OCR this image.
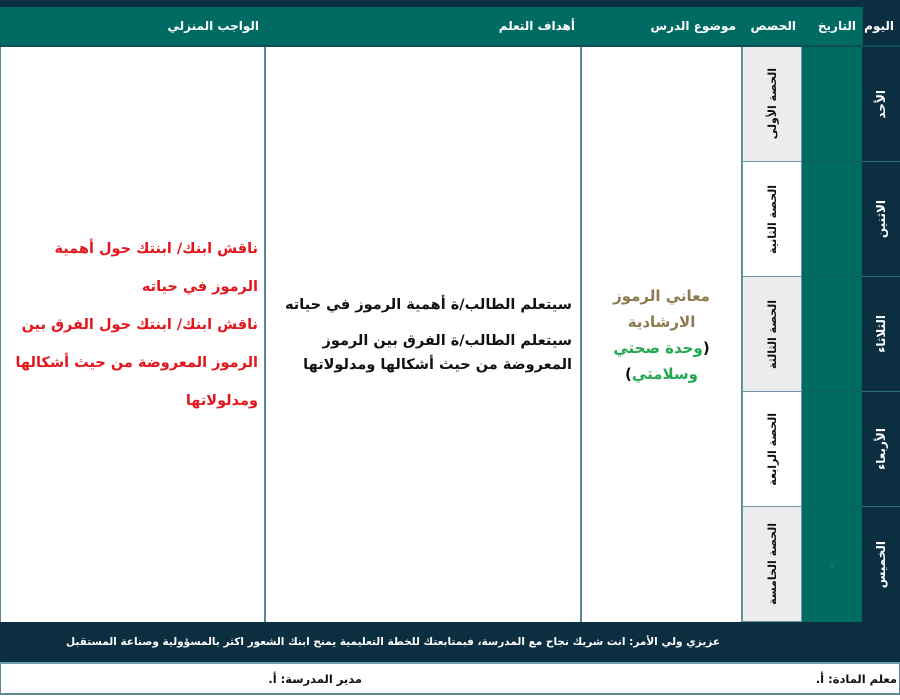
اليوم
التاريخ
الحصص
موضوع الدرس
أهداف التعلم
الواجب المنزلي
الأحد
الاثنين
الثلاثاء
الأربعاء
الخميس
.
الحصة الأولى
الحصة الثانية
الحصة الثالثة
الحصة الرابعة
الحصة الخامسة
معاني الرموز الارشادية
(وحدة صحتي
وسلامتي)

سيتعلم الطالب/ة أهمية الرموز في حياته

سيتعلم الطالب/ة الفرق بين الرموز المعروضة من حيث أشكالها ومدلولاتها

ناقش ابنك/ ابنتك حول أهمية الرموز في حياته

ناقش ابنك/ ابنتك حول الفرق بين الرموز المعروضة من حيث أشكالها ومدلولاتها

عزيزي ولي الأمر: انت شريك نجاح مع المدرسة، فبمتابعتك للخطة التعليمية يمنح ابنك الشعور اكثر بالمسؤولية وصناعة المستقبل
معلم المادة: أ.
مدير المدرسة: أ.
